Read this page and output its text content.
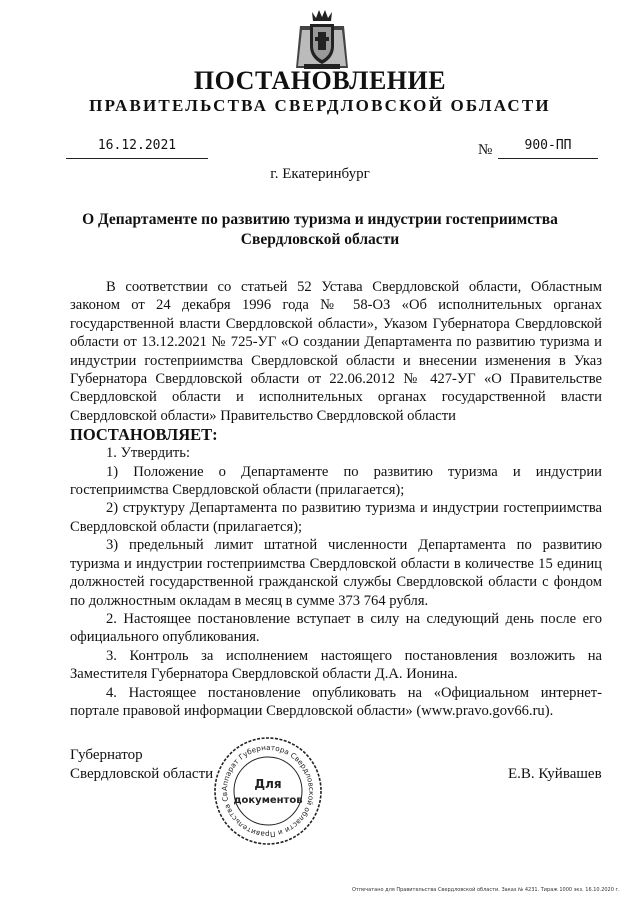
ПОСТАНОВЛЕНИЕ
ПРАВИТЕЛЬСТВА СВЕРДЛОВСКОЙ ОБЛАСТИ
16.12.2021	№	900-ПП
г. Екатеринбург
О Департаменте по развитию туризма и индустрии гостеприимства Свердловской области

В соответствии со статьей 52 Устава Свердловской области, Областным законом от 24 декабря 1996 года № 58-ОЗ «Об исполнительных органах государственной власти Свердловской области», Указом Губернатора Свердловской области от 13.12.2021 № 725-УГ «О создании Департамента по развитию туризма и индустрии гостеприимства Свердловской области и внесении изменения в Указ Губернатора Свердловской области от 22.06.2012 № 427-УГ «О Правительстве Свердловской области и исполнительных органах государственной власти Свердловской области» Правительство Свердловской области

ПОСТАНОВЛЯЕТ:

1. Утвердить:

1) Положение о Департаменте по развитию туризма и индустрии гостеприимства Свердловской области (прилагается);

2) структуру Департамента по развитию туризма и индустрии гостеприимства Свердловской области (прилагается);

3) предельный лимит штатной численности Департамента по развитию туризма и индустрии гостеприимства Свердловской области в количестве 15 единиц должностей государственной гражданской службы Свердловской области с фондом по должностным окладам в месяц в сумме 373 764 рубля.

2. Настоящее постановление вступает в силу на следующий день после его официального опубликования.

3. Контроль за исполнением настоящего постановления возложить на Заместителя Губернатора Свердловской области Д.А. Ионина.

4. Настоящее постановление опубликовать на «Официальном интернет-портале правовой информации Свердловской области» (www.pravo.gov66.ru).

Губернатор
Свердловской области	Е.В. Куйвашев
Аппарат Губернатора Свердловской области и Правительства Св
Для
документов
Отпечатано для Правительства Свердловской области. Заказ № 4231. Тираж 1000 экз. 16.10.2020 г.
